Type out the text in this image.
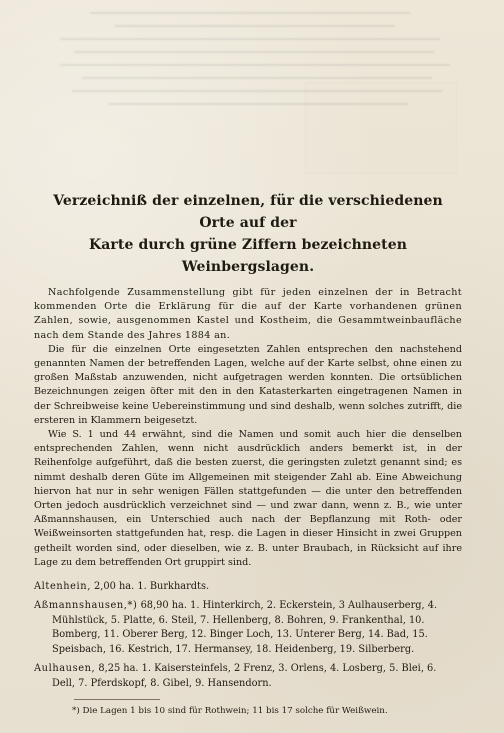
Verzeichniß der einzelnen, für die verschiedenen Orte auf der
Karte durch grüne Ziffern bezeichneten Weinbergslagen.

Nachfolgende Zusammenstellung gibt für jeden einzelnen der in Betracht kommenden Orte die Erklärung für die auf der Karte vorhandenen grünen Zahlen, sowie, ausgenommen Kastel und Kostheim, die Gesammtweinbaufläche nach dem Stande des Jahres 1884 an.

Die für die einzelnen Orte eingesetzten Zahlen entsprechen den nachstehend genannten Namen der betreffenden Lagen, welche auf der Karte selbst, ohne einen zu großen Maßstab anzuwenden, nicht aufgetragen werden konnten. Die ortsüblichen Bezeichnungen zeigen öfter mit den in den Katasterkarten eingetragenen Namen in der Schreibweise keine Uebereinstimmung und sind deshalb, wenn solches zutrifft, die ersteren in Klammern beigesetzt.

Wie S. 1 und 44 erwähnt, sind die Namen und somit auch hier die denselben entsprechenden Zahlen, wenn nicht ausdrücklich anders bemerkt ist, in der Reihenfolge aufgeführt, daß die besten zuerst, die geringsten zuletzt genannt sind; es nimmt deshalb deren Güte im Allgemeinen mit steigender Zahl ab. Eine Abweichung hiervon hat nur in sehr wenigen Fällen stattgefunden — die unter den betreffenden Orten jedoch ausdrücklich verzeichnet sind — und zwar dann, wenn z. B., wie unter Aßmannshausen, ein Unterschied auch nach der Bepflanzung mit Roth- oder Weißweinsorten stattgefunden hat, resp. die Lagen in dieser Hinsicht in zwei Gruppen getheilt worden sind, oder dieselben, wie z. B. unter Braubach, in Rücksicht auf ihre Lage zu dem betreffenden Ort gruppirt sind.

Altenhein, 2,00 ha. 1. Burkhardts.

Aßmannshausen,*) 68,90 ha. 1. Hinterkirch, 2. Eckerstein, 3 Aulhauserberg, 4. Mühlstück, 5. Platte, 6. Steil, 7. Hellenberg, 8. Bohren, 9. Frankenthal, 10. Bomberg, 11. Oberer Berg, 12. Binger Loch, 13. Unterer Berg, 14. Bad, 15. Speisbach, 16. Kestrich, 17. Hermansey, 18. Heidenberg, 19. Silberberg.

Aulhausen, 8,25 ha. 1. Kaisersteinfels, 2 Frenz, 3. Orlens, 4. Losberg, 5. Blei, 6. Dell, 7. Pferdskopf, 8. Gibel, 9. Hansendorn.

*) Die Lagen 1 bis 10 sind für Rothwein; 11 bis 17 solche für Weißwein.
